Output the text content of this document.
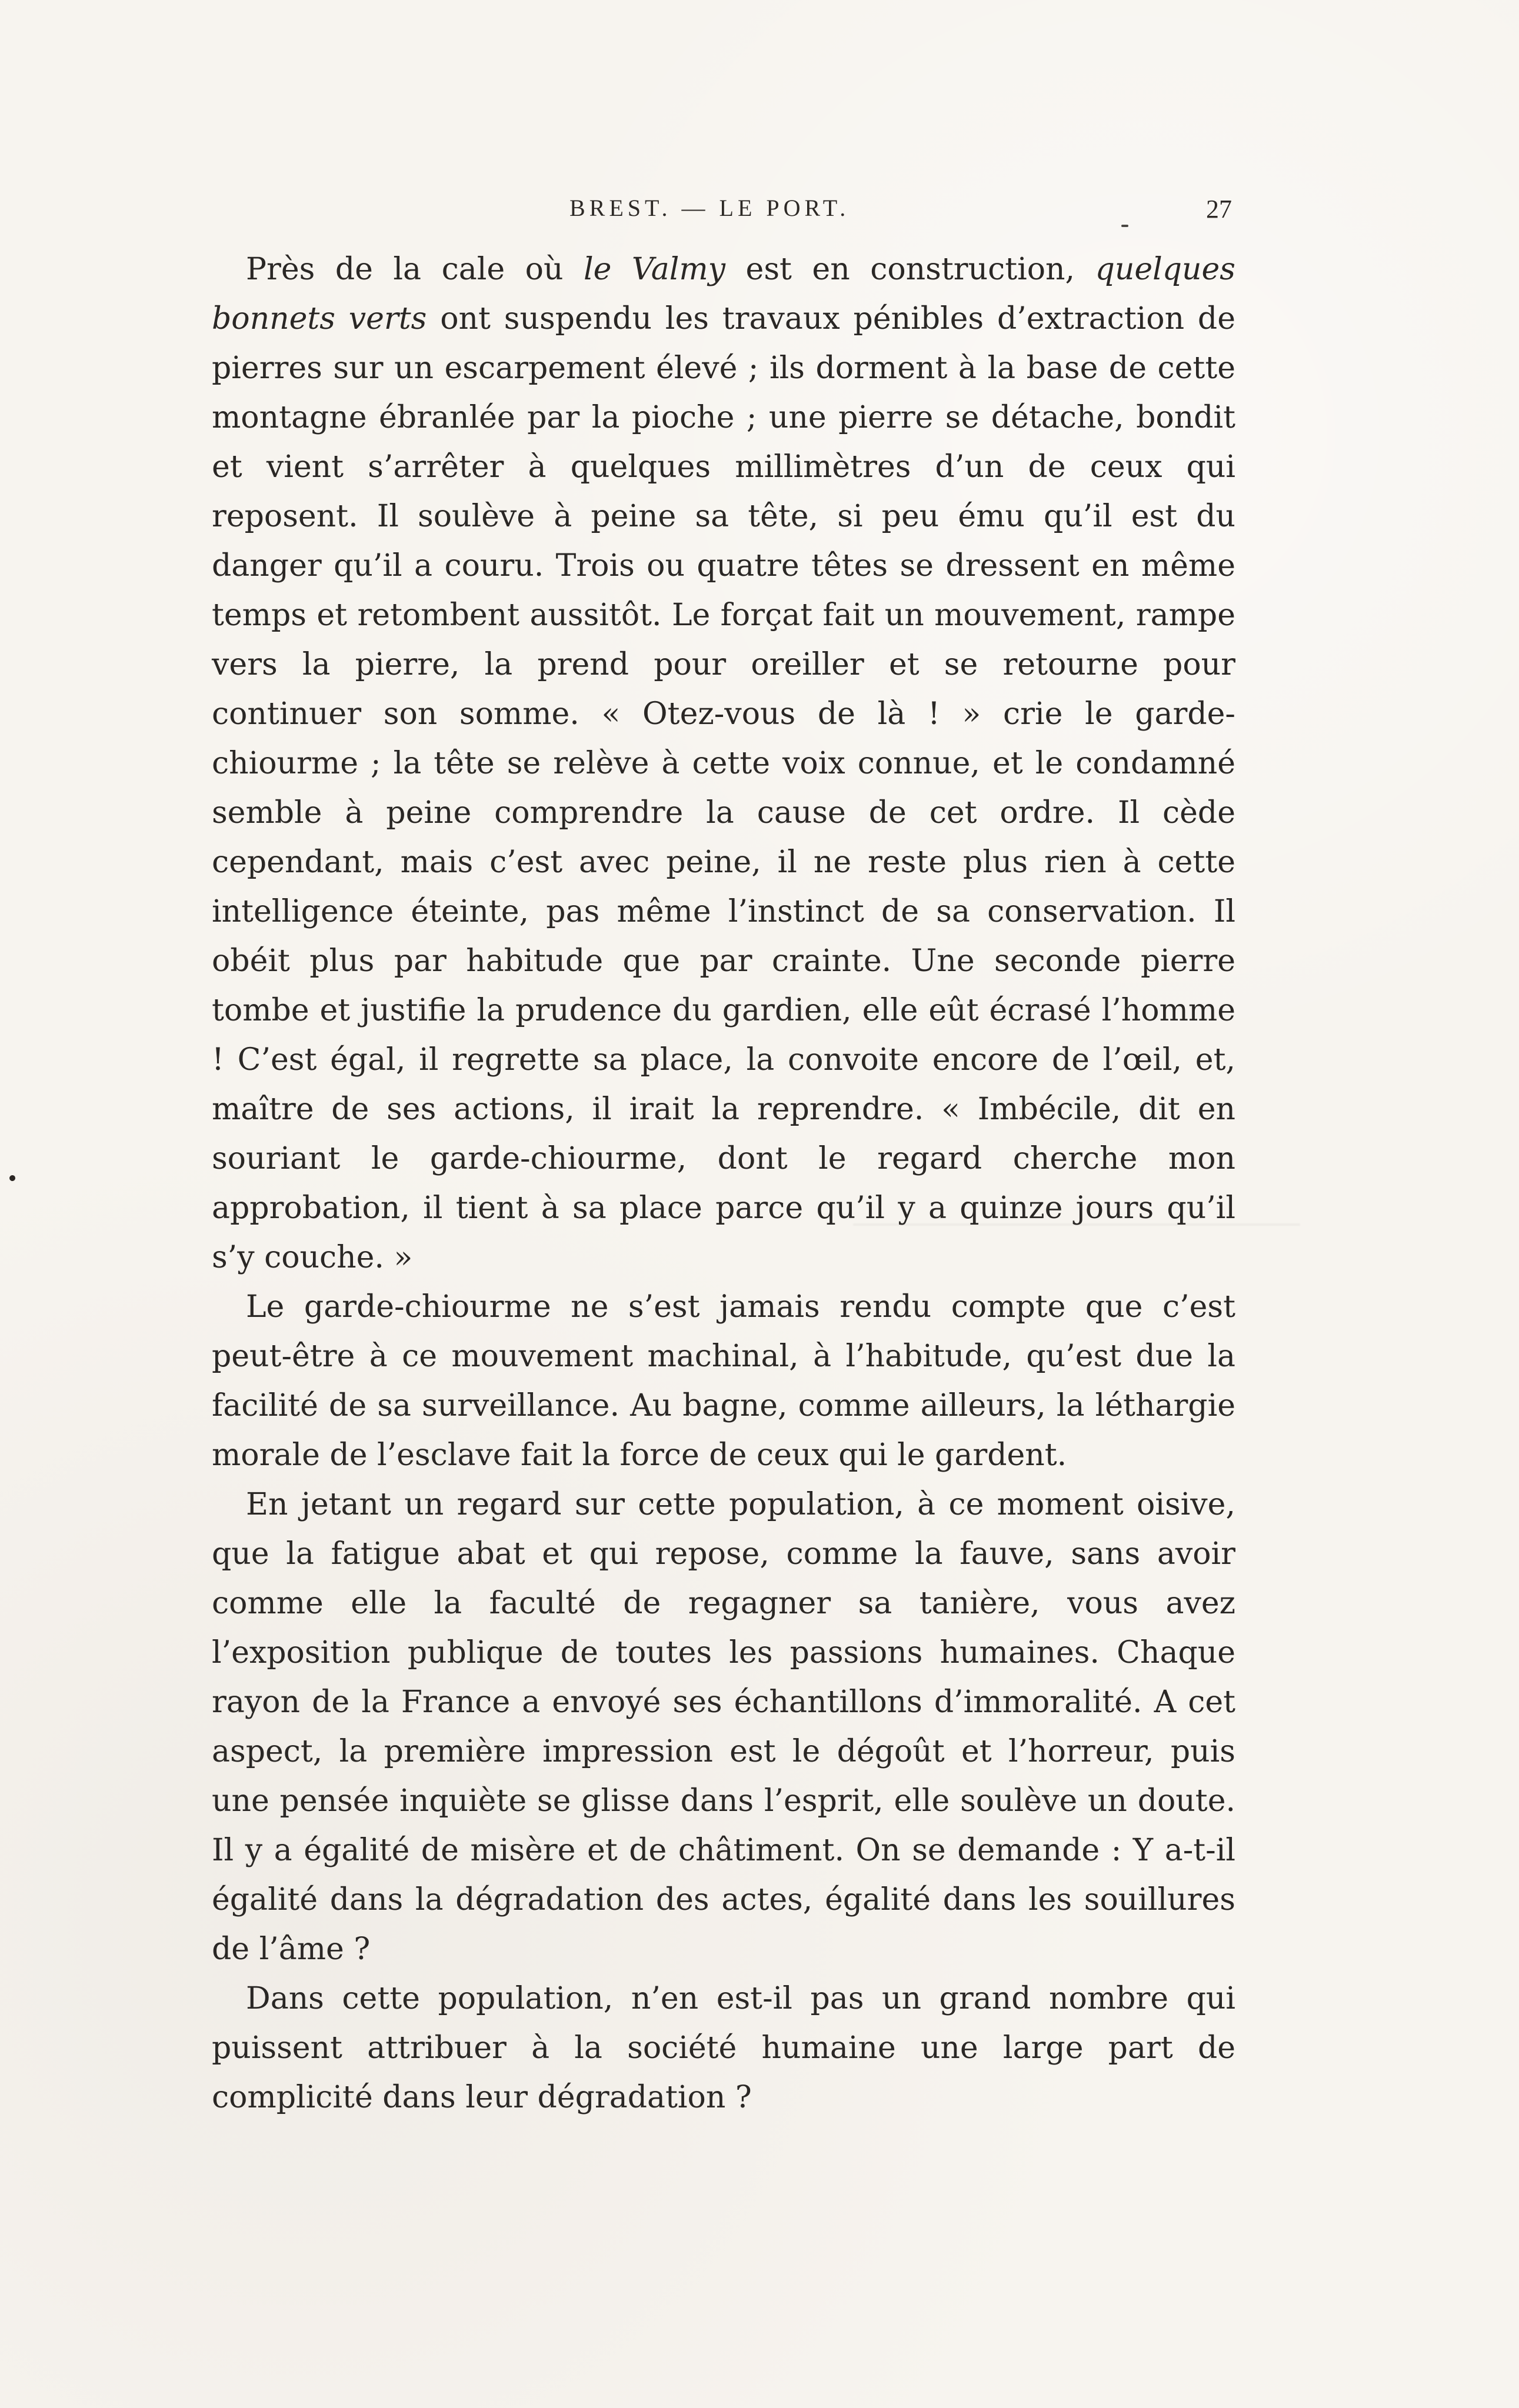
BREST. — LE PORT.	27

Près de la cale où le Valmy est en construction, quelques bonnets verts ont suspendu les travaux pénibles d’extraction de pierres sur un escarpement élevé ; ils dorment à la base de cette montagne ébranlée par la pioche ; une pierre se détache, bondit et vient s’arrêter à quelques millimètres d’un de ceux qui reposent. Il soulève à peine sa tête, si peu ému qu’il est du danger qu’il a couru. Trois ou quatre têtes se dressent en même temps et retombent aussitôt. Le forçat fait un mouvement, rampe vers la pierre, la prend pour oreiller et se retourne pour continuer son somme. « Otez-vous de là ! » crie le garde-chiourme ; la tête se relève à cette voix connue, et le condamné semble à peine comprendre la cause de cet ordre. Il cède cependant, mais c’est avec peine, il ne reste plus rien à cette intelligence éteinte, pas même l’instinct de sa conservation. Il obéit plus par habitude que par crainte. Une seconde pierre tombe et justifie la prudence du gardien, elle eût écrasé l’homme ! C’est égal, il regrette sa place, la convoite encore de l’œil, et, maître de ses actions, il irait la reprendre. « Imbécile, dit en souriant le garde-chiourme, dont le regard cherche mon approbation, il tient à sa place parce qu’il y a quinze jours qu’il s’y couche. »

Le garde-chiourme ne s’est jamais rendu compte que c’est peut-être à ce mouvement machinal, à l’habitude, qu’est due la facilité de sa surveillance. Au bagne, comme ailleurs, la léthargie morale de l’esclave fait la force de ceux qui le gardent.

En jetant un regard sur cette population, à ce moment oisive, que la fatigue abat et qui repose, comme la fauve, sans avoir comme elle la faculté de regagner sa tanière, vous avez l’exposition publique de toutes les passions humaines. Chaque rayon de la France a envoyé ses échantillons d’immoralité. A cet aspect, la première impression est le dégoût et l’horreur, puis une pensée inquiète se glisse dans l’esprit, elle soulève un doute. Il y a égalité de misère et de châtiment. On se demande : Y a-t-il égalité dans la dégradation des actes, égalité dans les souillures de l’âme ?

Dans cette population, n’en est-il pas un grand nombre qui puissent attribuer à la société humaine une large part de complicité dans leur dégradation ?
